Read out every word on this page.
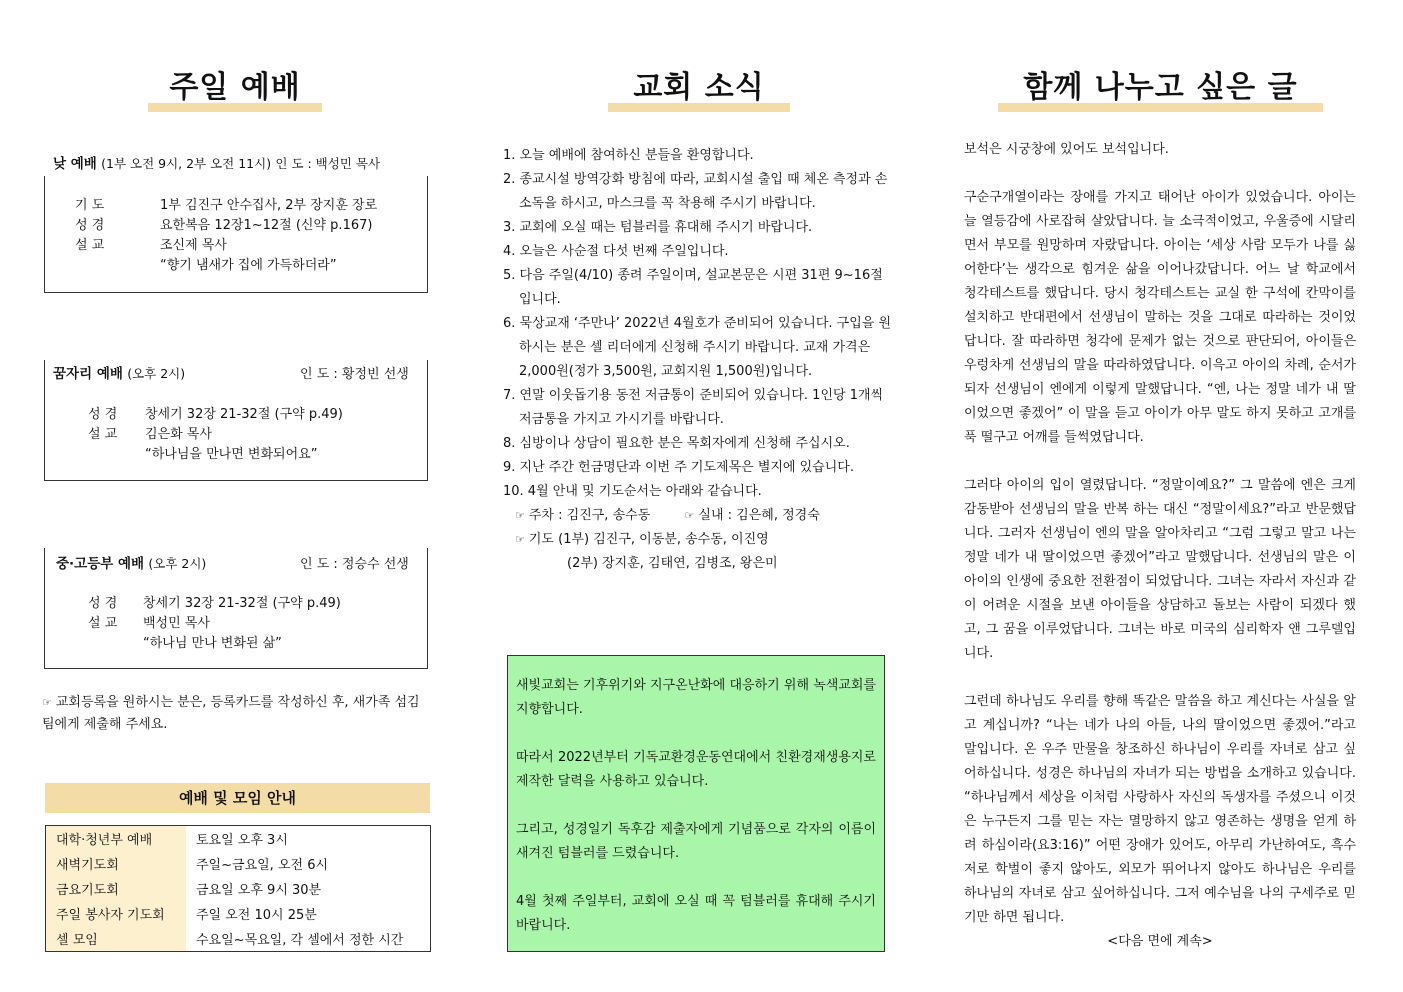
주일 예배	교회 소식	함께 나누고 싶은 글
낮 예배 (1부 오전 9시, 2부 오전 11시) 인 도 : 백성민 목사
기 도	1부 김진구 안수집사, 2부 장지훈 장로
성 경	요한복음 12장1~12절 (신약 p.167)
설 교	조신제 목사
“향기 냄새가 집에 가득하더라”
꿈자리 예배 (오후 2시)	인 도 : 황정빈 선생
성 경 창세기 32장 21-32절 (구약 p.49)
설 교 김은화 목사
“하나님을 만나면 변화되어요”
중·고등부 예배 (오후 2시)	인 도 : 정승수 선생
성 경 창세기 32장 21-32절 (구약 p.49)
설 교 백성민 목사
“하나님 만나 변화된 삶”
☞ 교회등록을 원하시는 분은, 등록카드를 작성하신 후, 새가족 섬김팀에게 제출해 주세요.
예배 및 모임 안내
대학·청년부 예배	토요일 오후 3시
새벽기도회	주일~금요일, 오전 6시
금요기도회	금요일 오후 9시 30분
주일 봉사자 기도회	주일 오전 10시 25분
셀 모임	수요일~목요일, 각 셀에서 정한 시간
1. 오늘 예배에 참여하신 분들을 환영합니다.
2. 종교시설 방역강화 방침에 따라, 교회시설 출입 때 체온 측정과 손 소독을 하시고, 마스크를 꼭 착용해 주시기 바랍니다.
3. 교회에 오실 때는 텀블러를 휴대해 주시기 바랍니다.
4. 오늘은 사순절 다섯 번째 주일입니다.
5. 다음 주일(4/10) 종려 주일이며, 설교본문은 시편 31편 9~16절 입니다.
6. 묵상교재 ‘주만나’ 2022년 4월호가 준비되어 있습니다. 구입을 원하시는 분은 셀 리더에게 신청해 주시기 바랍니다. 교재 가격은 2,000원(정가 3,500원, 교회지원 1,500원)입니다.
7. 연말 이웃돕기용 동전 저금통이 준비되어 있습니다. 1인당 1개씩 저금통을 가지고 가시기를 바랍니다.
8. 심방이나 상담이 필요한 분은 목회자에게 신청해 주십시오.
9. 지난 주간 헌금명단과 이번 주 기도제목은 별지에 있습니다.
10. 4월 안내 및 기도순서는 아래와 같습니다.
☞ 주차 : 김진구, 송수동	☞ 실내 : 김은혜, 정경숙
☞ 기도 (1부) 김진구, 이동분, 송수동, 이진영
(2부) 장지훈, 김태연, 김병조, 왕은미

새빛교회는 기후위기와 지구온난화에 대응하기 위해 녹색교회를 지향합니다.

따라서 2022년부터 기독교환경운동연대에서 친환경재생용지로 제작한 달력을 사용하고 있습니다.

그리고, 성경일기 독후감 제출자에게 기념품으로 각자의 이름이 새겨진 텀블러를 드렸습니다.

4월 첫째 주일부터, 교회에 오실 때 꼭 텀블러를 휴대해 주시기 바랍니다.

보석은 시궁창에 있어도 보석입니다.

구순구개열이라는 장애를 가지고 태어난 아이가 있었습니다. 아이는 늘 열등감에 사로잡혀 살았답니다. 늘 소극적이었고, 우울증에 시달리면서 부모를 원망하며 자랐답니다. 아이는 ‘세상 사람 모두가 나를 싫어한다’는 생각으로 힘겨운 삶을 이어나갔답니다. 어느 날 학교에서 청각테스트를 했답니다. 당시 청각테스트는 교실 한 구석에 칸막이를 설치하고 반대편에서 선생님이 말하는 것을 그대로 따라하는 것이었답니다. 잘 따라하면 청각에 문제가 없는 것으로 판단되어, 아이들은 우렁차게 선생님의 말을 따라하였답니다. 이윽고 아이의 차례, 순서가 되자 선생님이 엔에게 이렇게 말했답니다. “엔, 나는 정말 네가 내 딸이었으면 좋겠어” 이 말을 듣고 아이가 아무 말도 하지 못하고 고개를 푹 떨구고 어깨를 들썩였답니다.

그러다 아이의 입이 열렸답니다. “정말이예요?” 그 말씀에 엔은 크게 감동받아 선생님의 말을 반복 하는 대신 “정말이세요?”라고 반문했답니다. 그러자 선생님이 엔의 말을 알아차리고 “그럼 그렇고 말고 나는 정말 네가 내 딸이었으면 좋겠어”라고 말했답니다. 선생님의 말은 이 아이의 인생에 중요한 전환점이 되었답니다. 그녀는 자라서 자신과 같이 어려운 시절을 보낸 아이들을 상담하고 돌보는 사람이 되겠다 했고, 그 꿈을 이루었답니다. 그녀는 바로 미국의 심리학자 앤 그루델입니다.

그런데 하나님도 우리를 향해 똑같은 말씀을 하고 계신다는 사실을 알고 계십니까? “나는 네가 나의 아들, 나의 딸이었으면 좋겠어.”라고 말입니다. 온 우주 만물을 창조하신 하나님이 우리를 자녀로 삼고 싶어하십니다. 성경은 하나님의 자녀가 되는 방법을 소개하고 있습니다. “하나님께서 세상을 이처럼 사랑하사 자신의 독생자를 주셨으니 이것은 누구든지 그를 믿는 자는 멸망하지 않고 영존하는 생명을 얻게 하려 하심이라(요3:16)” 어떤 장애가 있어도, 아무리 가난하여도, 흑수저로 학벌이 좋지 않아도, 외모가 뛰어나지 않아도 하나님은 우리를 하나님의 자녀로 삼고 싶어하십니다. 그저 예수님을 나의 구세주로 믿기만 하면 됩니다.

<다음 면에 계속>
